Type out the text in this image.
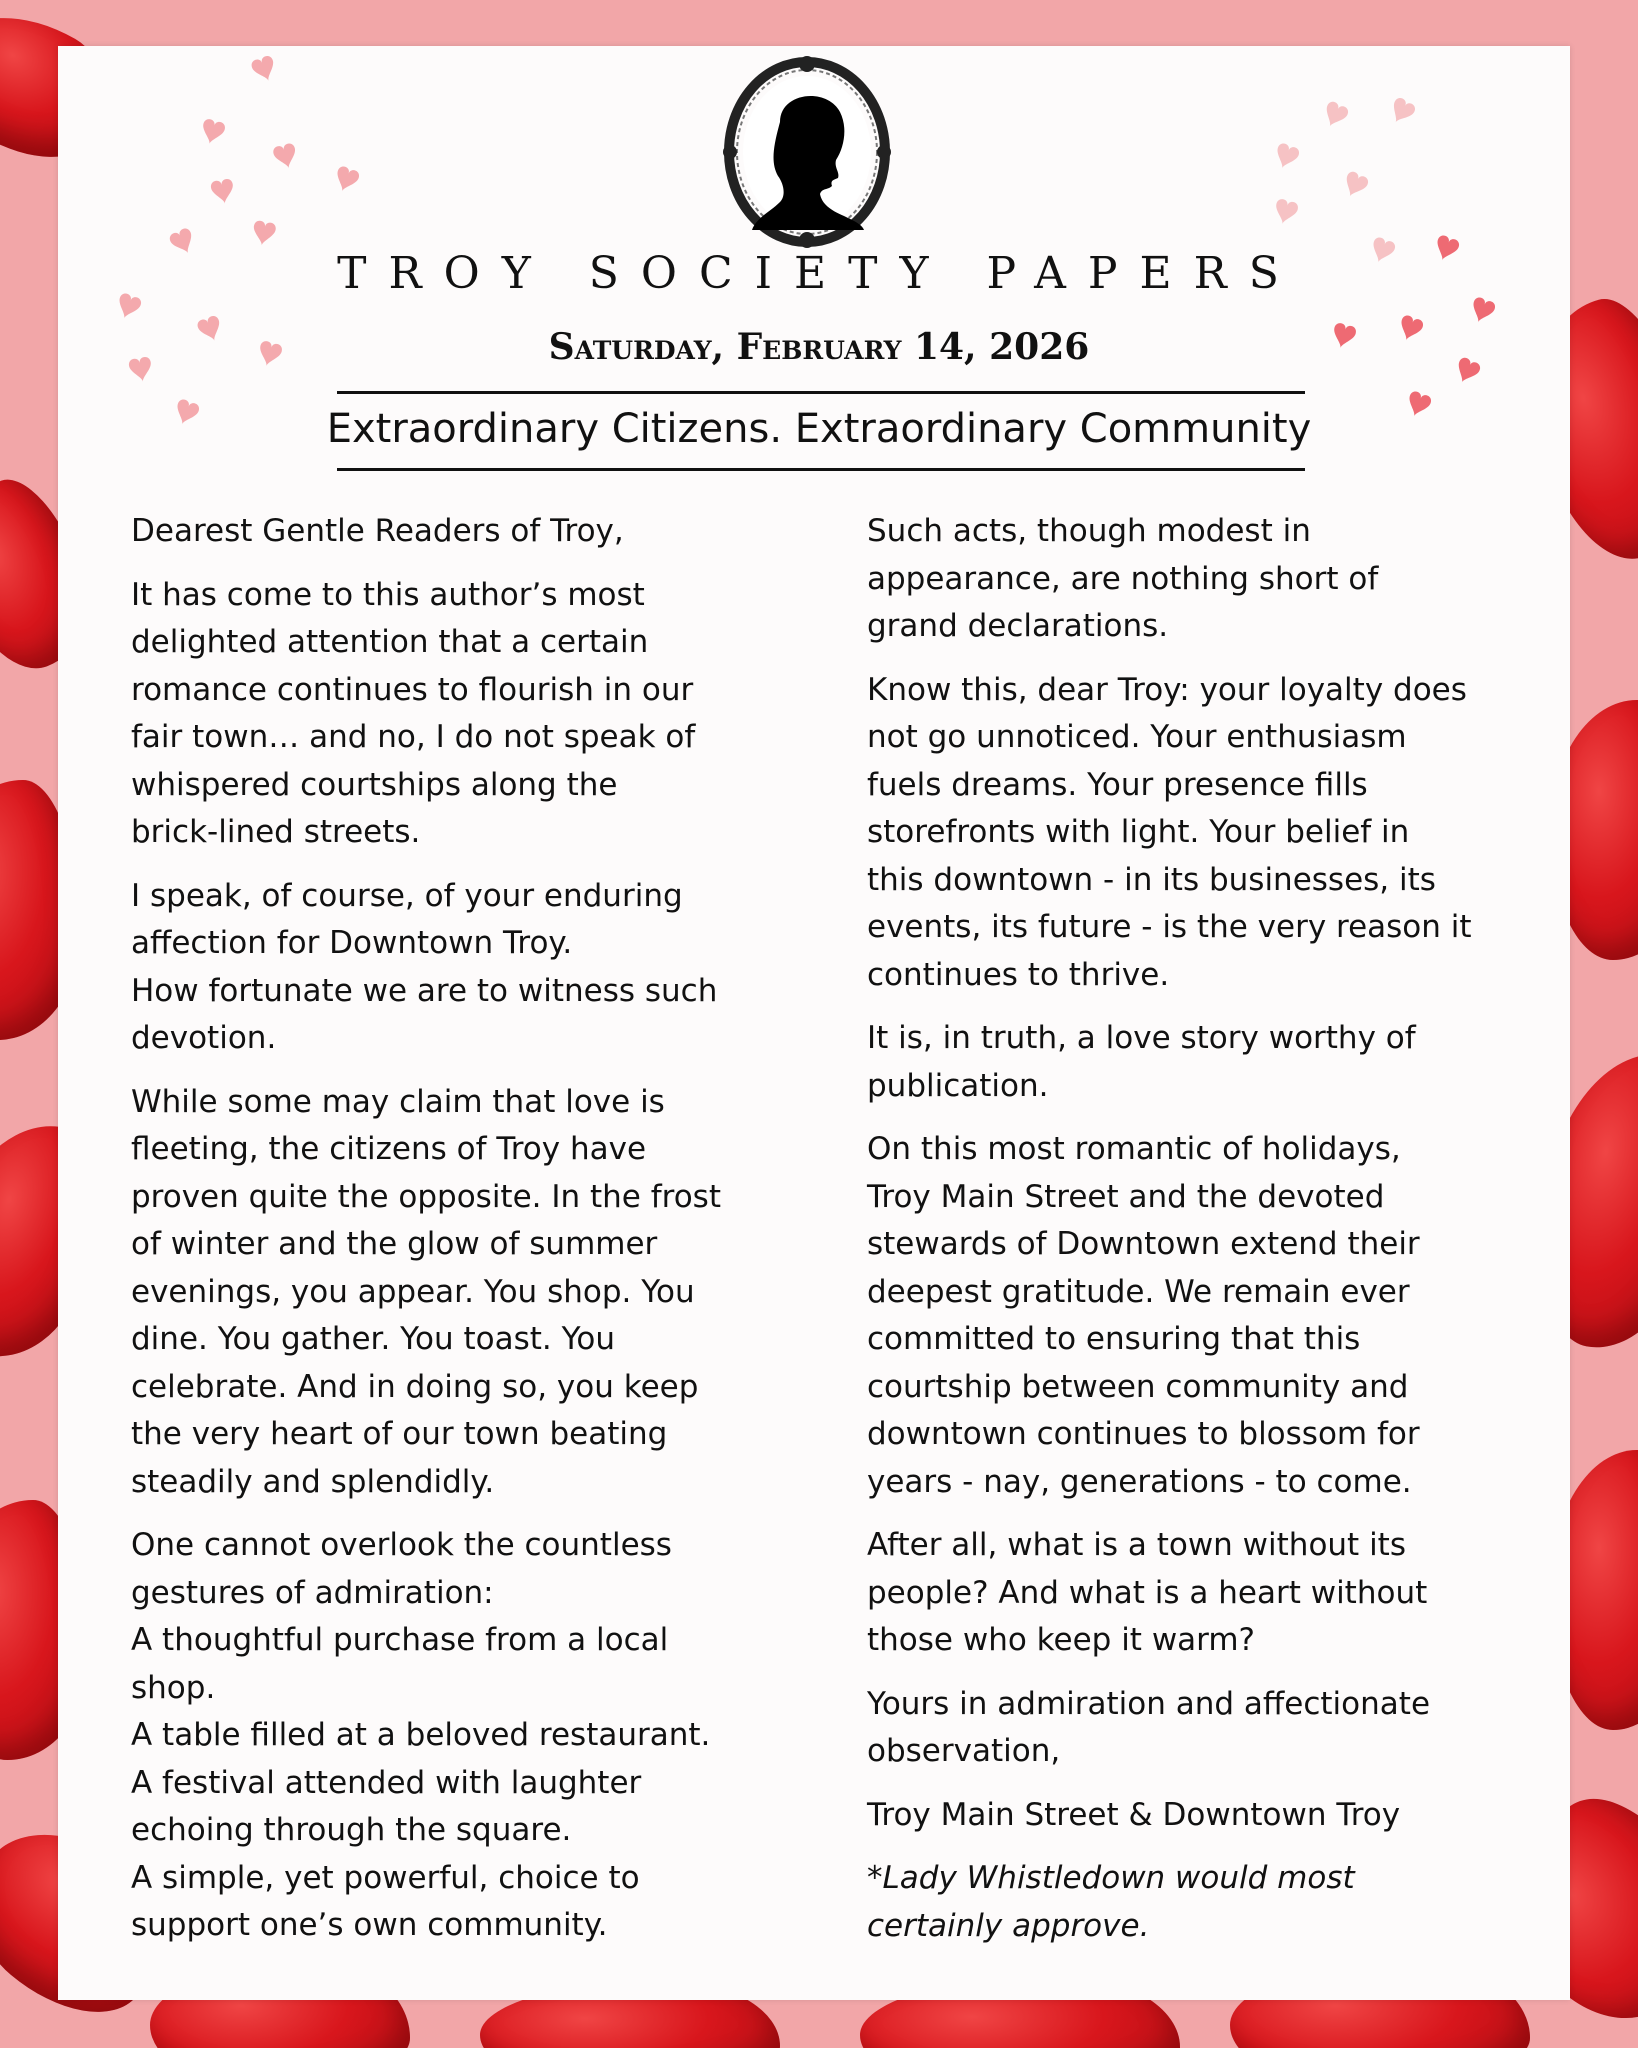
TROY SOCIETY PAPERS
Saturday, February 14, 2026
Extraordinary Citizens. Extraordinary Community

Dearest Gentle Readers of Troy,

It has come to this author’s most
delighted attention that a certain
romance continues to flourish in our
fair town… and no, I do not speak of
whispered courtships along the
brick-lined streets.

I speak, of course, of your enduring
affection for Downtown Troy.
How fortunate we are to witness such
devotion.

While some may claim that love is
fleeting, the citizens of Troy have
proven quite the opposite. In the frost
of winter and the glow of summer
evenings, you appear. You shop. You
dine. You gather. You toast. You
celebrate. And in doing so, you keep
the very heart of our town beating
steadily and splendidly.

One cannot overlook the countless
gestures of admiration:
A thoughtful purchase from a local
shop.
A table filled at a beloved restaurant.
A festival attended with laughter
echoing through the square.
A simple, yet powerful, choice to
support one’s own community.

Such acts, though modest in
appearance, are nothing short of
grand declarations.

Know this, dear Troy: your loyalty does
not go unnoticed. Your enthusiasm
fuels dreams. Your presence fills
storefronts with light. Your belief in
this downtown - in its businesses, its
events, its future - is the very reason it
continues to thrive.

It is, in truth, a love story worthy of
publication.

On this most romantic of holidays,
Troy Main Street and the devoted
stewards of Downtown extend their
deepest gratitude. We remain ever
committed to ensuring that this
courtship between community and
downtown continues to blossom for
years - nay, generations - to come.

After all, what is a town without its
people? And what is a heart without
those who keep it warm?

Yours in admiration and affectionate
observation,

Troy Main Street & Downtown Troy

*Lady Whistledown would most
certainly approve.
